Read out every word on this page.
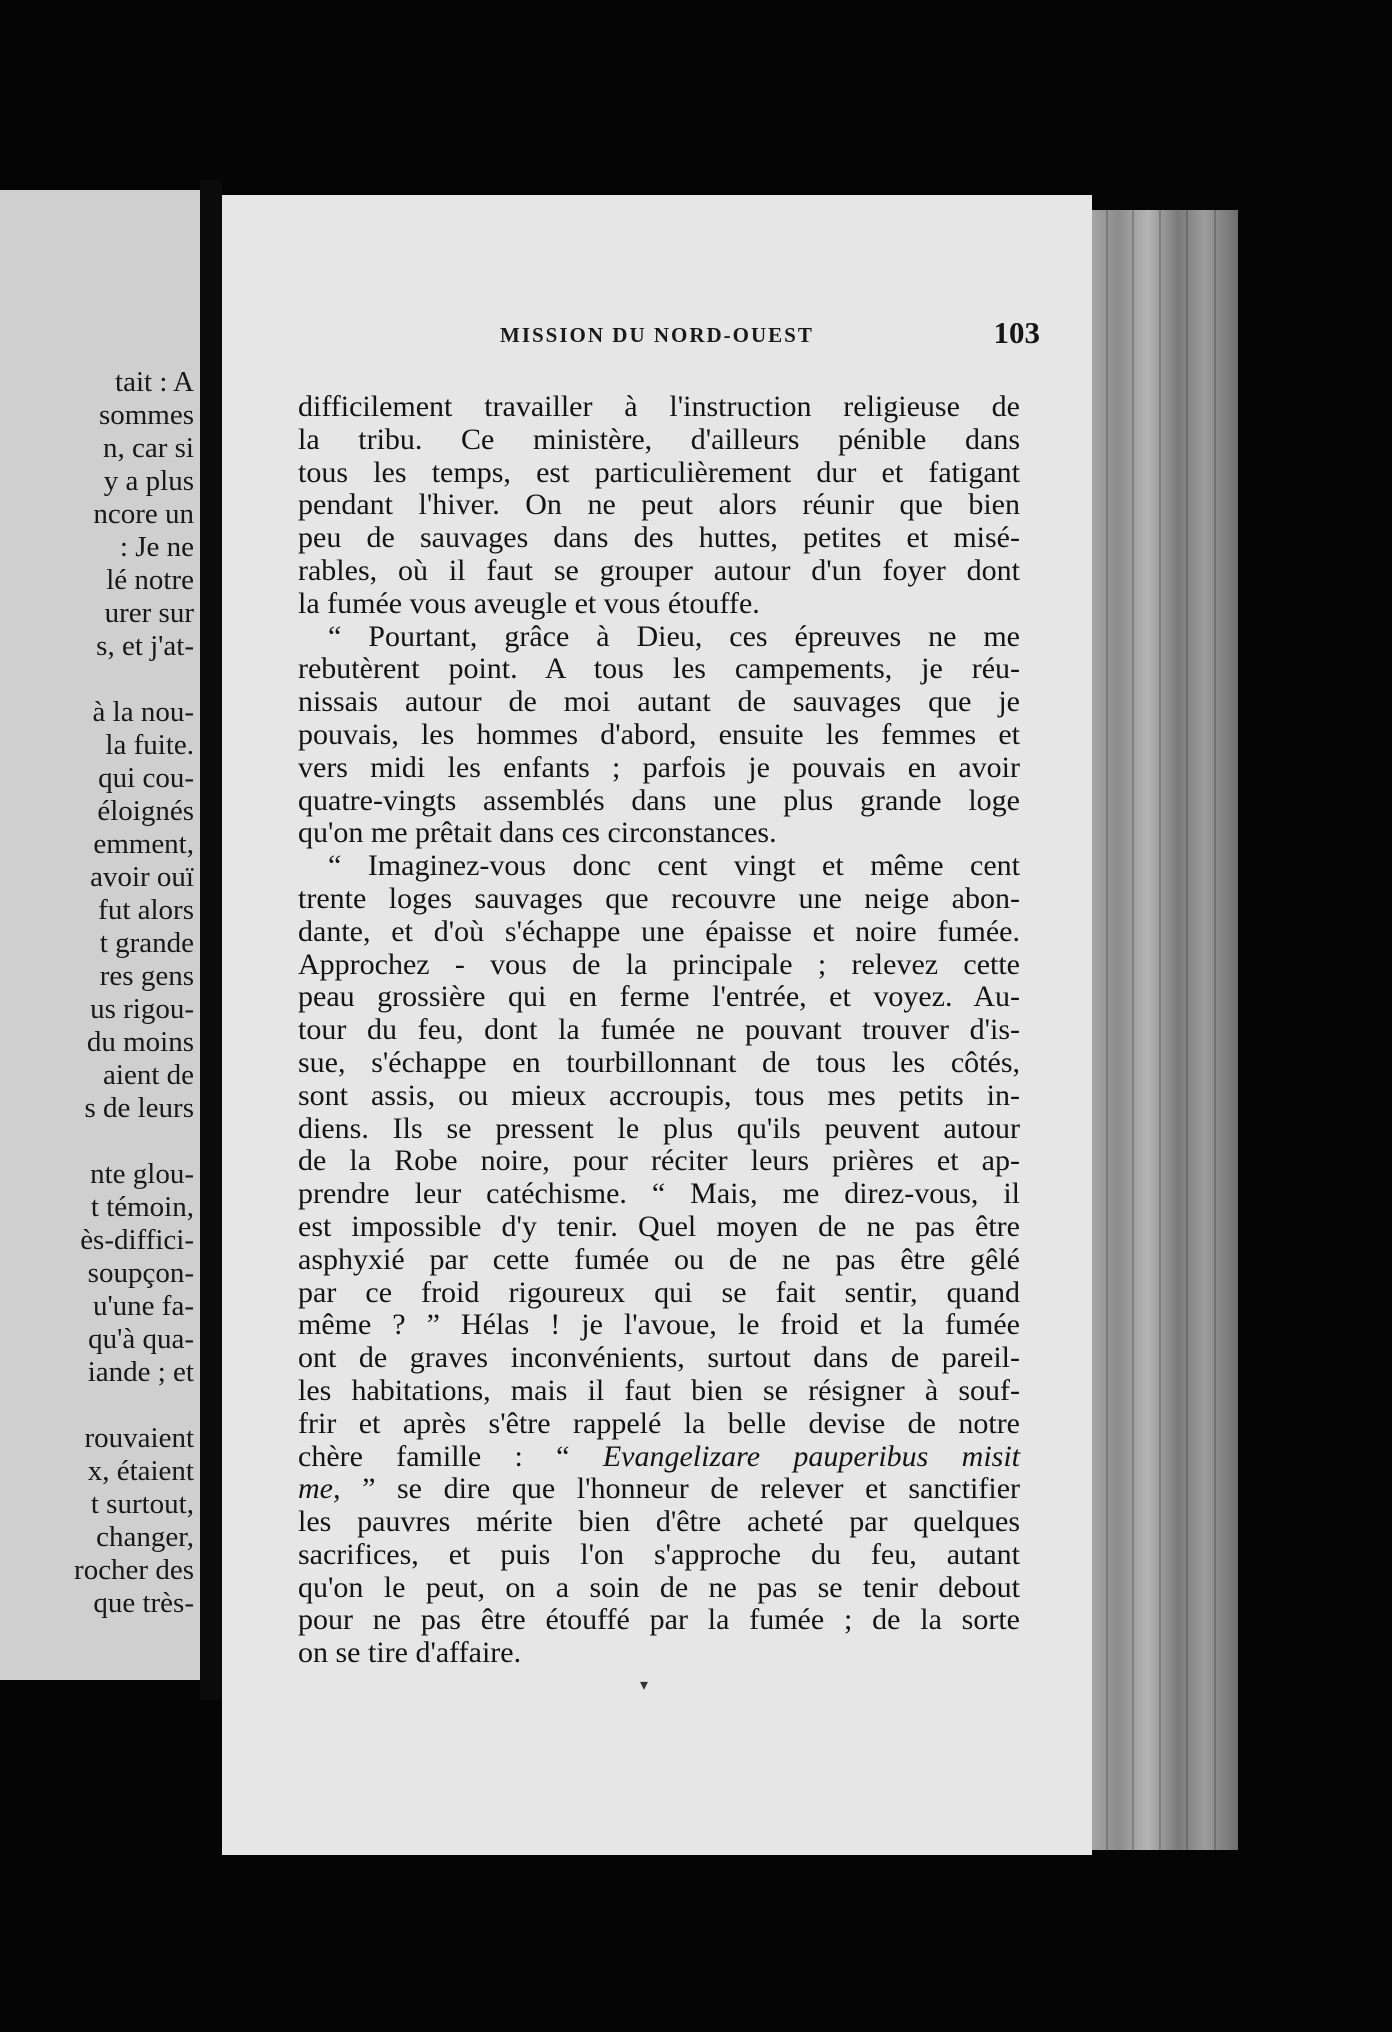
tait : A
sommes
n, car si
y a plus
ncore un
: Je ne
lé notre
urer sur
s, et j'at-
à la nou-
la fuite.
qui cou-
éloignés
emment,
avoir ouï
fut alors
t grande
res gens
us rigou-
du moins
aient de
s de leurs
nte glou-
t témoin,
ès-diffici-
soupçon-
u'une fa-
qu'à qua-
iande ; et
rouvaient
x, étaient
t surtout,
changer,
rocher des
que très-
MISSION DU NORD-OUEST	103
difficilement travailler à l'instruction religieuse de
la tribu. Ce ministère, d'ailleurs pénible dans
tous les temps, est particulièrement dur et fatigant
pendant l'hiver. On ne peut alors réunir que bien
peu de sauvages dans des huttes, petites et misé-
rables, où il faut se grouper autour d'un foyer dont
la fumée vous aveugle et vous étouffe.
“ Pourtant, grâce à Dieu, ces épreuves ne me
rebutèrent point. A tous les campements, je réu-
nissais autour de moi autant de sauvages que je
pouvais, les hommes d'abord, ensuite les femmes et
vers midi les enfants ; parfois je pouvais en avoir
quatre-vingts assemblés dans une plus grande loge
qu'on me prêtait dans ces circonstances.
“ Imaginez-vous donc cent vingt et même cent
trente loges sauvages que recouvre une neige abon-
dante, et d'où s'échappe une épaisse et noire fumée.
Approchez - vous de la principale ; relevez cette
peau grossière qui en ferme l'entrée, et voyez. Au-
tour du feu, dont la fumée ne pouvant trouver d'is-
sue, s'échappe en tourbillonnant de tous les côtés,
sont assis, ou mieux accroupis, tous mes petits in-
diens. Ils se pressent le plus qu'ils peuvent autour
de la Robe noire, pour réciter leurs prières et ap-
prendre leur catéchisme. “ Mais, me direz-vous, il
est impossible d'y tenir. Quel moyen de ne pas être
asphyxié par cette fumée ou de ne pas être gêlé
par ce froid rigoureux qui se fait sentir, quand
même ? ” Hélas ! je l'avoue, le froid et la fumée
ont de graves inconvénients, surtout dans de pareil-
les habitations, mais il faut bien se résigner à souf-
frir et après s'être rappelé la belle devise de notre
chère famille : “ Evangelizare pauperibus misit
me, ” se dire que l'honneur de relever et sanctifier
les pauvres mérite bien d'être acheté par quelques
sacrifices, et puis l'on s'approche du feu, autant
qu'on le peut, on a soin de ne pas se tenir debout
pour ne pas être étouffé par la fumée ; de la sorte
on se tire d'affaire.
▾
